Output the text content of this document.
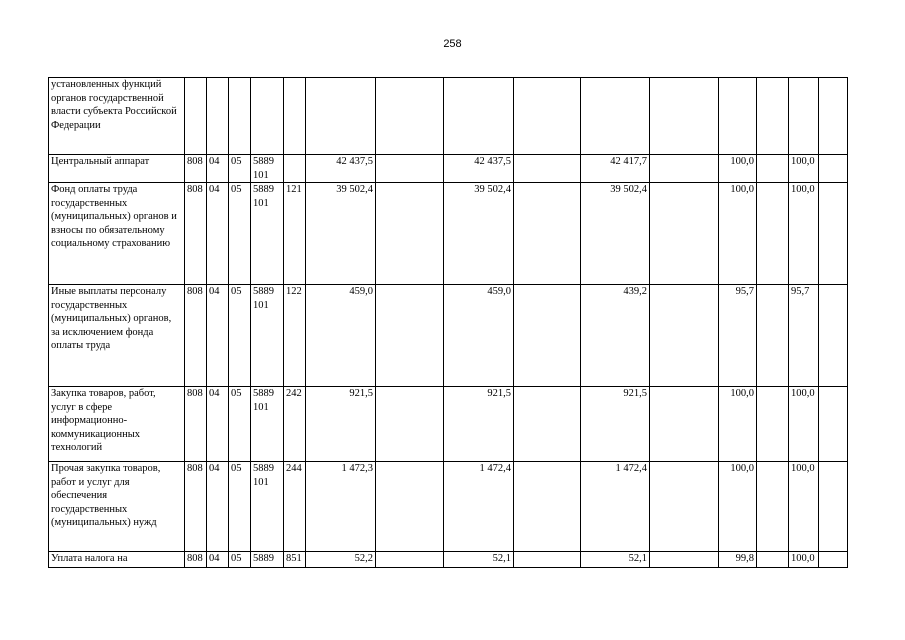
258
установленных функций органов государственной власти субъекта Российской Федерации															
Центральный аппарат	808	04	05	5889 101		42 437,5		42 437,5		42 417,7		100,0		100,0	
Фонд оплаты труда государственных (муниципальных) органов и взносы по обязательному социальному страхованию	808	04	05	5889 101	121	39 502,4		39 502,4		39 502,4		100,0		100,0	
Иные выплаты персоналу государственных (муниципальных) органов, за исключением фонда оплаты труда	808	04	05	5889 101	122	459,0		459,0		439,2		95,7		95,7	
Закупка товаров, работ, услуг в сфере информационно-коммуникационных технологий	808	04	05	5889 101	242	921,5		921,5		921,5		100,0		100,0	
Прочая закупка товаров, работ и услуг для обеспечения государственных (муниципальных) нужд	808	04	05	5889 101	244	1 472,3		1 472,4		1 472,4		100,0		100,0	
Уплата налога на	808	04	05	5889	851	52,2		52,1		52,1		99,8		100,0	
